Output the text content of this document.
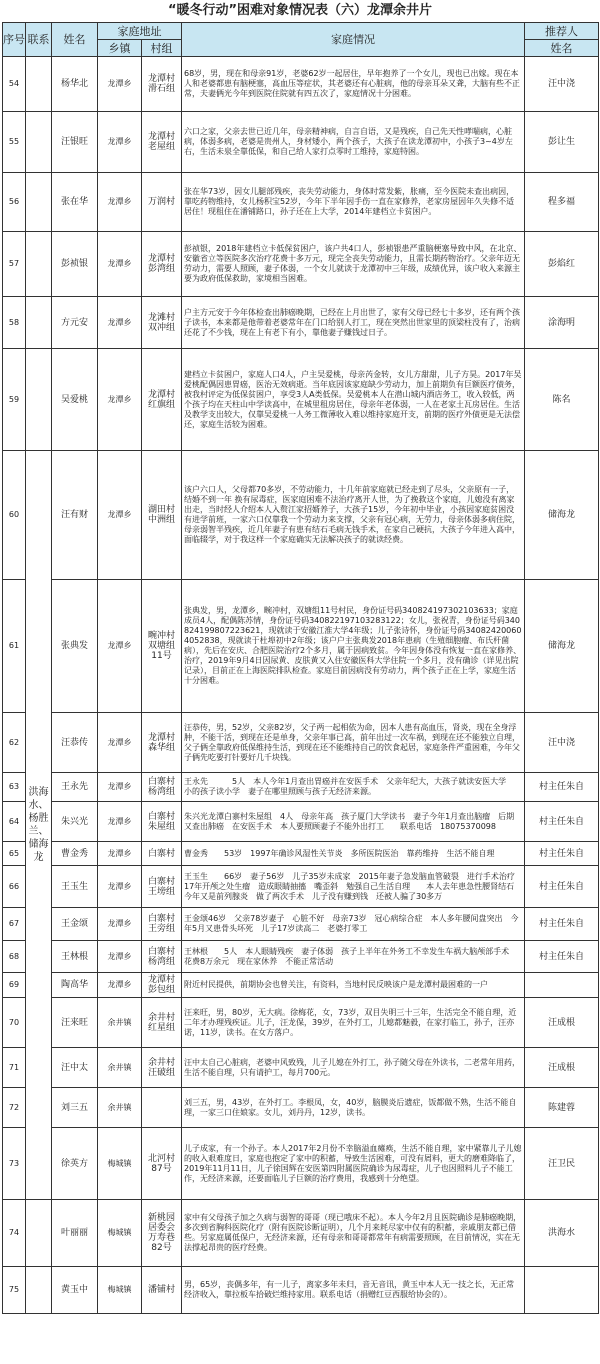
“暖冬行动”困难对象情况表（六）龙潭余井片
序号	联系	姓名	家庭地址		家庭情况	推荐人
			乡镇	村组		姓名
54		杨华北	龙潭乡	龙潭村滑石组	68岁，男，现在和母亲91岁，老婆62岁一起居住，早年抱养了一个女儿，现也已出嫁。现在本人和老婆都患有脑梗塞，高血压等症状，其老婆还有心脏病，他的母亲耳朵又聋，大脑有些不正常，夫妻俩光今年到医院住院就有四五次了，家庭情况十分困难。	汪中浇
55		汪银旺	龙潭乡	龙潭村老屋组	六口之家，父亲去世已近几年，母亲精神病，自言自语，又是残疾，自己先天性哮喘病，心脏病，体弱多病，老婆是贵州人，身材矮小，两个孩子，大孩子在读龙潭初中，小孩子3~4岁左右，生活未泉全靠低保，和自己给人家打点零时工维持，家庭特困。	彭让生
56		张在华	龙潭乡	万润村	张在华73岁，因女儿腿部残疾，丧失劳动能力，身体时常发紫，胀痛，至今医院未查出病因，靠吃药物维持，女儿杨积宝52岁，今年下半年因手伤一直在家修养，老家房屋因年久失修不适居住！现租住在潘铺路口，孙子还在上大学，2014年建档立卡贫困户。	程多福
57		彭祯银	龙潭乡	龙潭村彭湾组	彭祯银，2018年建档立卡低保贫困户，该户共4口人，彭祯银患严重脑梗塞导致中风，在北京、安徽省立等医院多次治疗花费十多万元，现完全丧失劳动能力，且需长期药物治疗。父亲年迈无劳动力，需要人照顾，妻子体弱，一个女儿就读于龙潭初中三年级，成绩优异，该户收入来源主要为政府低保救助，家境相当困难。	彭焰红
58		方元安	龙潭乡	龙滩村双冲组	户主方元安于今年体检查出肺癌晚期，已经在上月出世了，家有父母已经七十多岁，还有两个孩子读书，本来都是他带着老婆常年在门口给别人打工，现在突然出世家里的顶梁柱没有了，治病还花了不少钱，现在上有老下有小，靠他妻子赚钱过日子。	涂海明
59		吴爱桃	龙潭乡	龙潭村红旗组	建档立卡贫困户，家庭人口4人，户主吴爱桃，母亲芮金转，女儿方甜甜，儿子方昊。2017年吴爱桃配偶因患胃癌，医治无效病逝。当年底因该家庭缺少劳动力，加上前期负有巨额医疗债务，被我村评定为低保贫困户，享受3人A类低保。吴爱桃本人在潜山城内酒店务工，收入较低，两个孩子均在天柱山中学读高中，在城里租房居住，母亲年老体弱，一人在老家土瓦房居住。生活及教学支出较大，仅靠吴爱桃一人务工微薄收入难以维持家庭开支，前期的医疗外债更是无法偿还，家庭生活较为困难。	陈名
60	洪海水、杨胜兰、储海龙	汪有财	龙潭乡	湖田村中洲组	该户六口人，父母都70多岁，不劳动能力，十几年前家庭就已经走到了尽头，父亲原有一子，结婚不到一年 换有尿毒症，医家庭困难不法治疗离开人世，为了挽救这个家庭，儿媳没有离家出走，当时经人介绍本人入赘江家招婿养子，大孩子15岁，今年初中毕业，小孩因家庭贫困没有进学前班，一家六口仅靠我一个劳动力来支撑，父亲有冠心病，无劳力，母亲体弱多病住院，母亲弱智半残疾，近几年妻子有患有结石毛病无钱手术，在家自己硬抗，大孩子今年进入高中，面临辍学，对于我这样一个家庭确实无法解决孩子的就读经费。	储海龙
61		张典发	龙潭乡	畹冲村双塘组11号	张典发，男，龙潭乡，畹冲村，双塘组11号村民，身份证号码340824197302103633；家庭成员4人，配偶陈苏情，身份证号码340822197103283122；女儿，张祝青，身份证号码340824199807223621，现就读于安徽江淮大学4年级；儿子张诗怀，身份证号码340824200604052838，现就读于杜埠初中2年级；该户户主张典发2018年患病（生殖细胞瘤、布氏杆菌病），先后在安庆、合肥医院治疗2个多月，属于因病致贫。今年因身体没有恢复一直在家修养、治疗，2019年9月4日因尿黄、皮肤黄又入住安徽医科大学住院一个多月，没有确诊（详见出院记录），目前正在上海医院排队检查。家庭目前因病没有劳动力，两个孩子正在上学，家庭生活十分困难。	储海龙
62		汪恭传	龙潭乡	龙潭村森华组	汪恭传，男，52岁，父亲82岁，父子两一起相依为命，因本人患有高血压，肾炎，现在全身浮肿，不能干活，到现在还是单身，父亲年事已高，前年出过一次车祸，到现在还不能独立自理，父子俩全靠政府低保维持生活，到现在还不能维持自己的饮食起居，家庭条件严重困难，今年父子俩先吃要打针要好几千块钱。	汪中浇
63		王永先	龙潭乡	白寨村杨湾组	王永先　　　5人　本人今年1月查出胃癌并在安医手术　父亲年纪大，大孩子就读安医大学　　小的孩子读小学　妻子在哪里照顾与孩子无经济来源。	村主任朱自
64		朱兴光	龙潭乡	白寨村朱屋组	朱兴光龙潭白寨村朱屋组　4人　母亲年高　孩子厦门大学读书　妻子今年1月查出脑瘤　后期又查出肺癌　在安医手术　本人要照顾妻子不能外出打工　　联系电话　18075370098	村主任朱自
65		曹金秀	龙潭乡	白寨村	曹金秀　　53岁　1997年确诊风湿性关节炎　多所医院医治　靠药维持　生活不能自理	村主任朱自
66		王玉生	龙潭乡	白寨村王塝组	王玉生　　66岁　妻子56岁　儿子35岁未成家　2015年妻子急发脑血管破裂　进行手术治疗　　17年开颅之处生瘤　造成眼睛抽搐　嘴歪斜　勉强自己生活自理　　本人去年患急性腰肾结石　今年又是前列腺炎　做了两次手术　儿子没有赚到钱　还被人骗了30多万	村主任朱自
67		王金颂	龙潭乡	白寨村王旁组	王金颂46岁　父亲78岁妻子　心脏不好　母亲73岁　冠心病综合症　本人多年腰间盘突出　今年5月又患骨头坏死　儿子17岁读高二　老婆打零工	村主任朱自
68		王林根	龙潭乡	白寨村杨湾组	王林根　　5人　本人眼睛残疾　妻子体弱　孩子上半年在外务工不幸发生车祸大脑颅部手术　花费8万余元　现在家休养　不能正常活动	村主任朱自
69		陶高华	龙潭乡	龙潭村彭包组	附近村民提供，前期协会也曾关注，有资料，当地村民反映该户是龙潭村最困难的一户	
70		汪来旺	余井镇	余井村红星组	汪来旺，男，80岁，无大病。徐梅花，女，73岁，双目失明三十三年，生活完全不能自理，近二年才办理残疾证。儿子，汪龙保，39岁，在外打工，儿媳都魅毅，在家打临工，孙子，汪亦诺，11岁，读书。在女方落户。	汪成根
71		汪中太	余井镇	余井村汪破组	汪中太自己心脏病，老婆中风致残，儿子儿媳在外打工，孙子随父母在外读书，二老常年用药，生活不能自理，只有请护工，每月700元。	汪成根
72		刘三五	余井镇		刘三五，男，43岁，在外打工。李根凤，女，40岁，脑膜炎后遗症，饭都做不熟，生活不能自理，一家三口住娘家。女儿，刘丹丹，12岁，读书。	陈建蓉
73		徐英方	梅城镇	北河村87号	儿子成家，有一个孙子。本人2017年2月份不幸脑溢血瘫痪，生活不能自理，家中紧靠儿子儿媳的收入艰难度日，家庭也抱定了家中的积蓄，导致生活困难，可没有屑料，更大的磨难降临了，2019年11月11日，儿子徐国辉在安医第四附属医院确诊为尿毒症，儿子也因照料儿子不能工作，无经济来源，还要面临儿子巨额的治疗费用，我感到十分绝望。	汪卫民
74		叶丽丽	梅城镇	新桃园居委会万寿巷82号	家中有父母孩子加之久病与弱智的哥哥（现已哦床不起）。本人今年2月且医院确诊是肺癌晚期，多次到省胸科医院化疗（附有医院诊断证明），几个月来耗尽家中仅有的积蓄，亲戚朋友都已借些。另家庭属低保户，无经济来源，还有母亲和哥哥都常年有病需要照顾，在目前情况，实在无法撑起昂贵的医疗经费。	洪海水
75		黄玉中	梅城镇	潘铺村	男，65岁，丧偶多年，有一儿子，离家多年未归，音无音讯，黄玉中本人无一技之长，无正常经济收入，靠拉板车拾破烂维持家用。联系电话（捐赠红豆西服给协会的）。	
